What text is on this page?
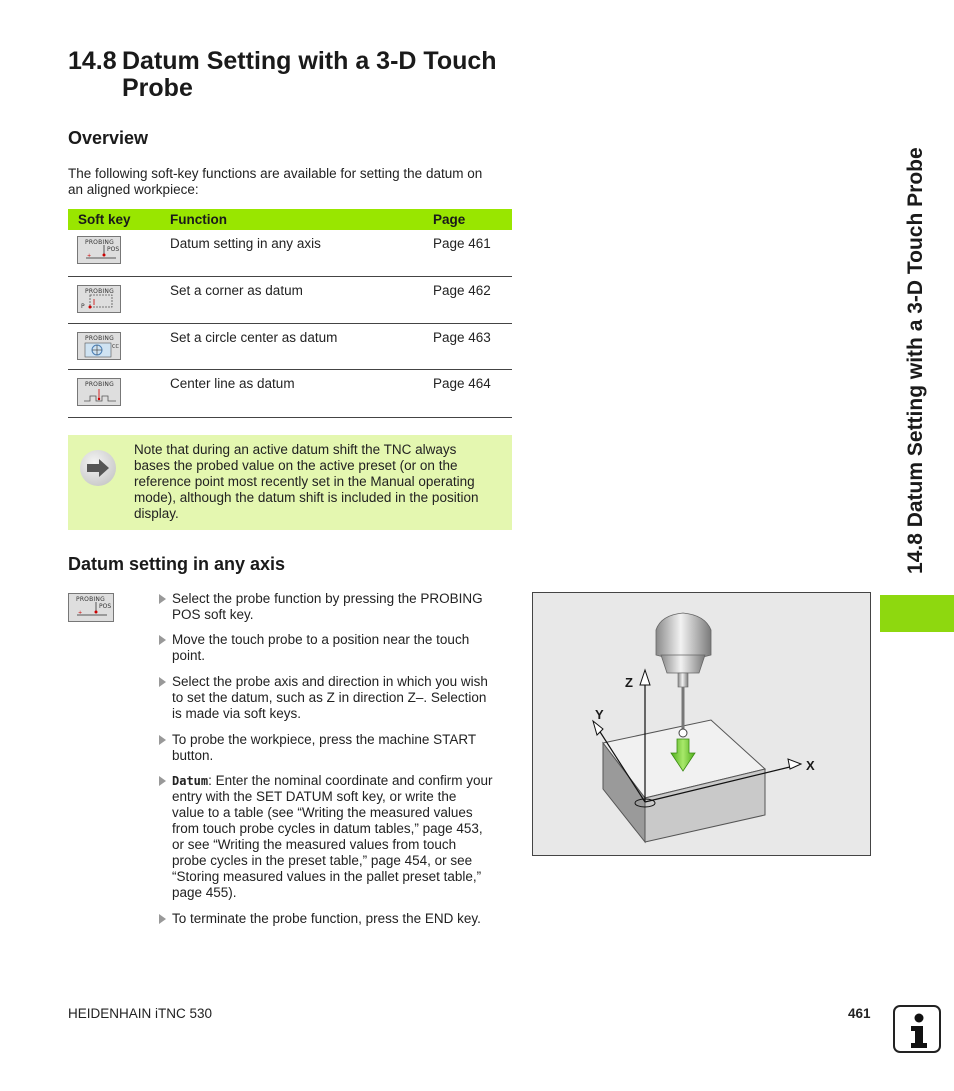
14.8 Datum Setting with a 3-D Touch
Probe
Overview
The following soft-key functions are available for setting the datum on
an aligned workpiece:
Soft key	Function	Page

PROBING
POS
+	Datum setting in any axis	Page 461

PROBING
P	Set a corner as datum	Page 462

PROBING
CC	Set a circle center as datum	Page 463

PROBING	Center line as datum	Page 464
Note that during an active datum shift the TNC always
bases the probed value on the active preset (or on the
reference point most recently set in the Manual operating
mode), although the datum shift is included in the position
display.
Datum setting in any axis
PROBING
POS
+
Select the probe function by pressing the PROBING
POS soft key.
Move the touch probe to a position near the touch
point.
Select the probe axis and direction in which you wish
to set the datum, such as Z in direction Z–. Selection
is made via soft keys.
To probe the workpiece, press the machine START
button.
Datum: Enter the nominal coordinate and confirm your
entry with the SET DATUM soft key, or write the
value to a table (see “Writing the measured values
from touch probe cycles in datum tables,” page 453,
or see “Writing the measured values from touch
probe cycles in the preset table,” page 454, or see
“Storing measured values in the pallet preset table,”
page 455).
To terminate the probe function, press the END key.
Z
Y
X
14.8 Datum Setting with a 3-D Touch Probe
HEIDENHAIN iTNC 530	461
